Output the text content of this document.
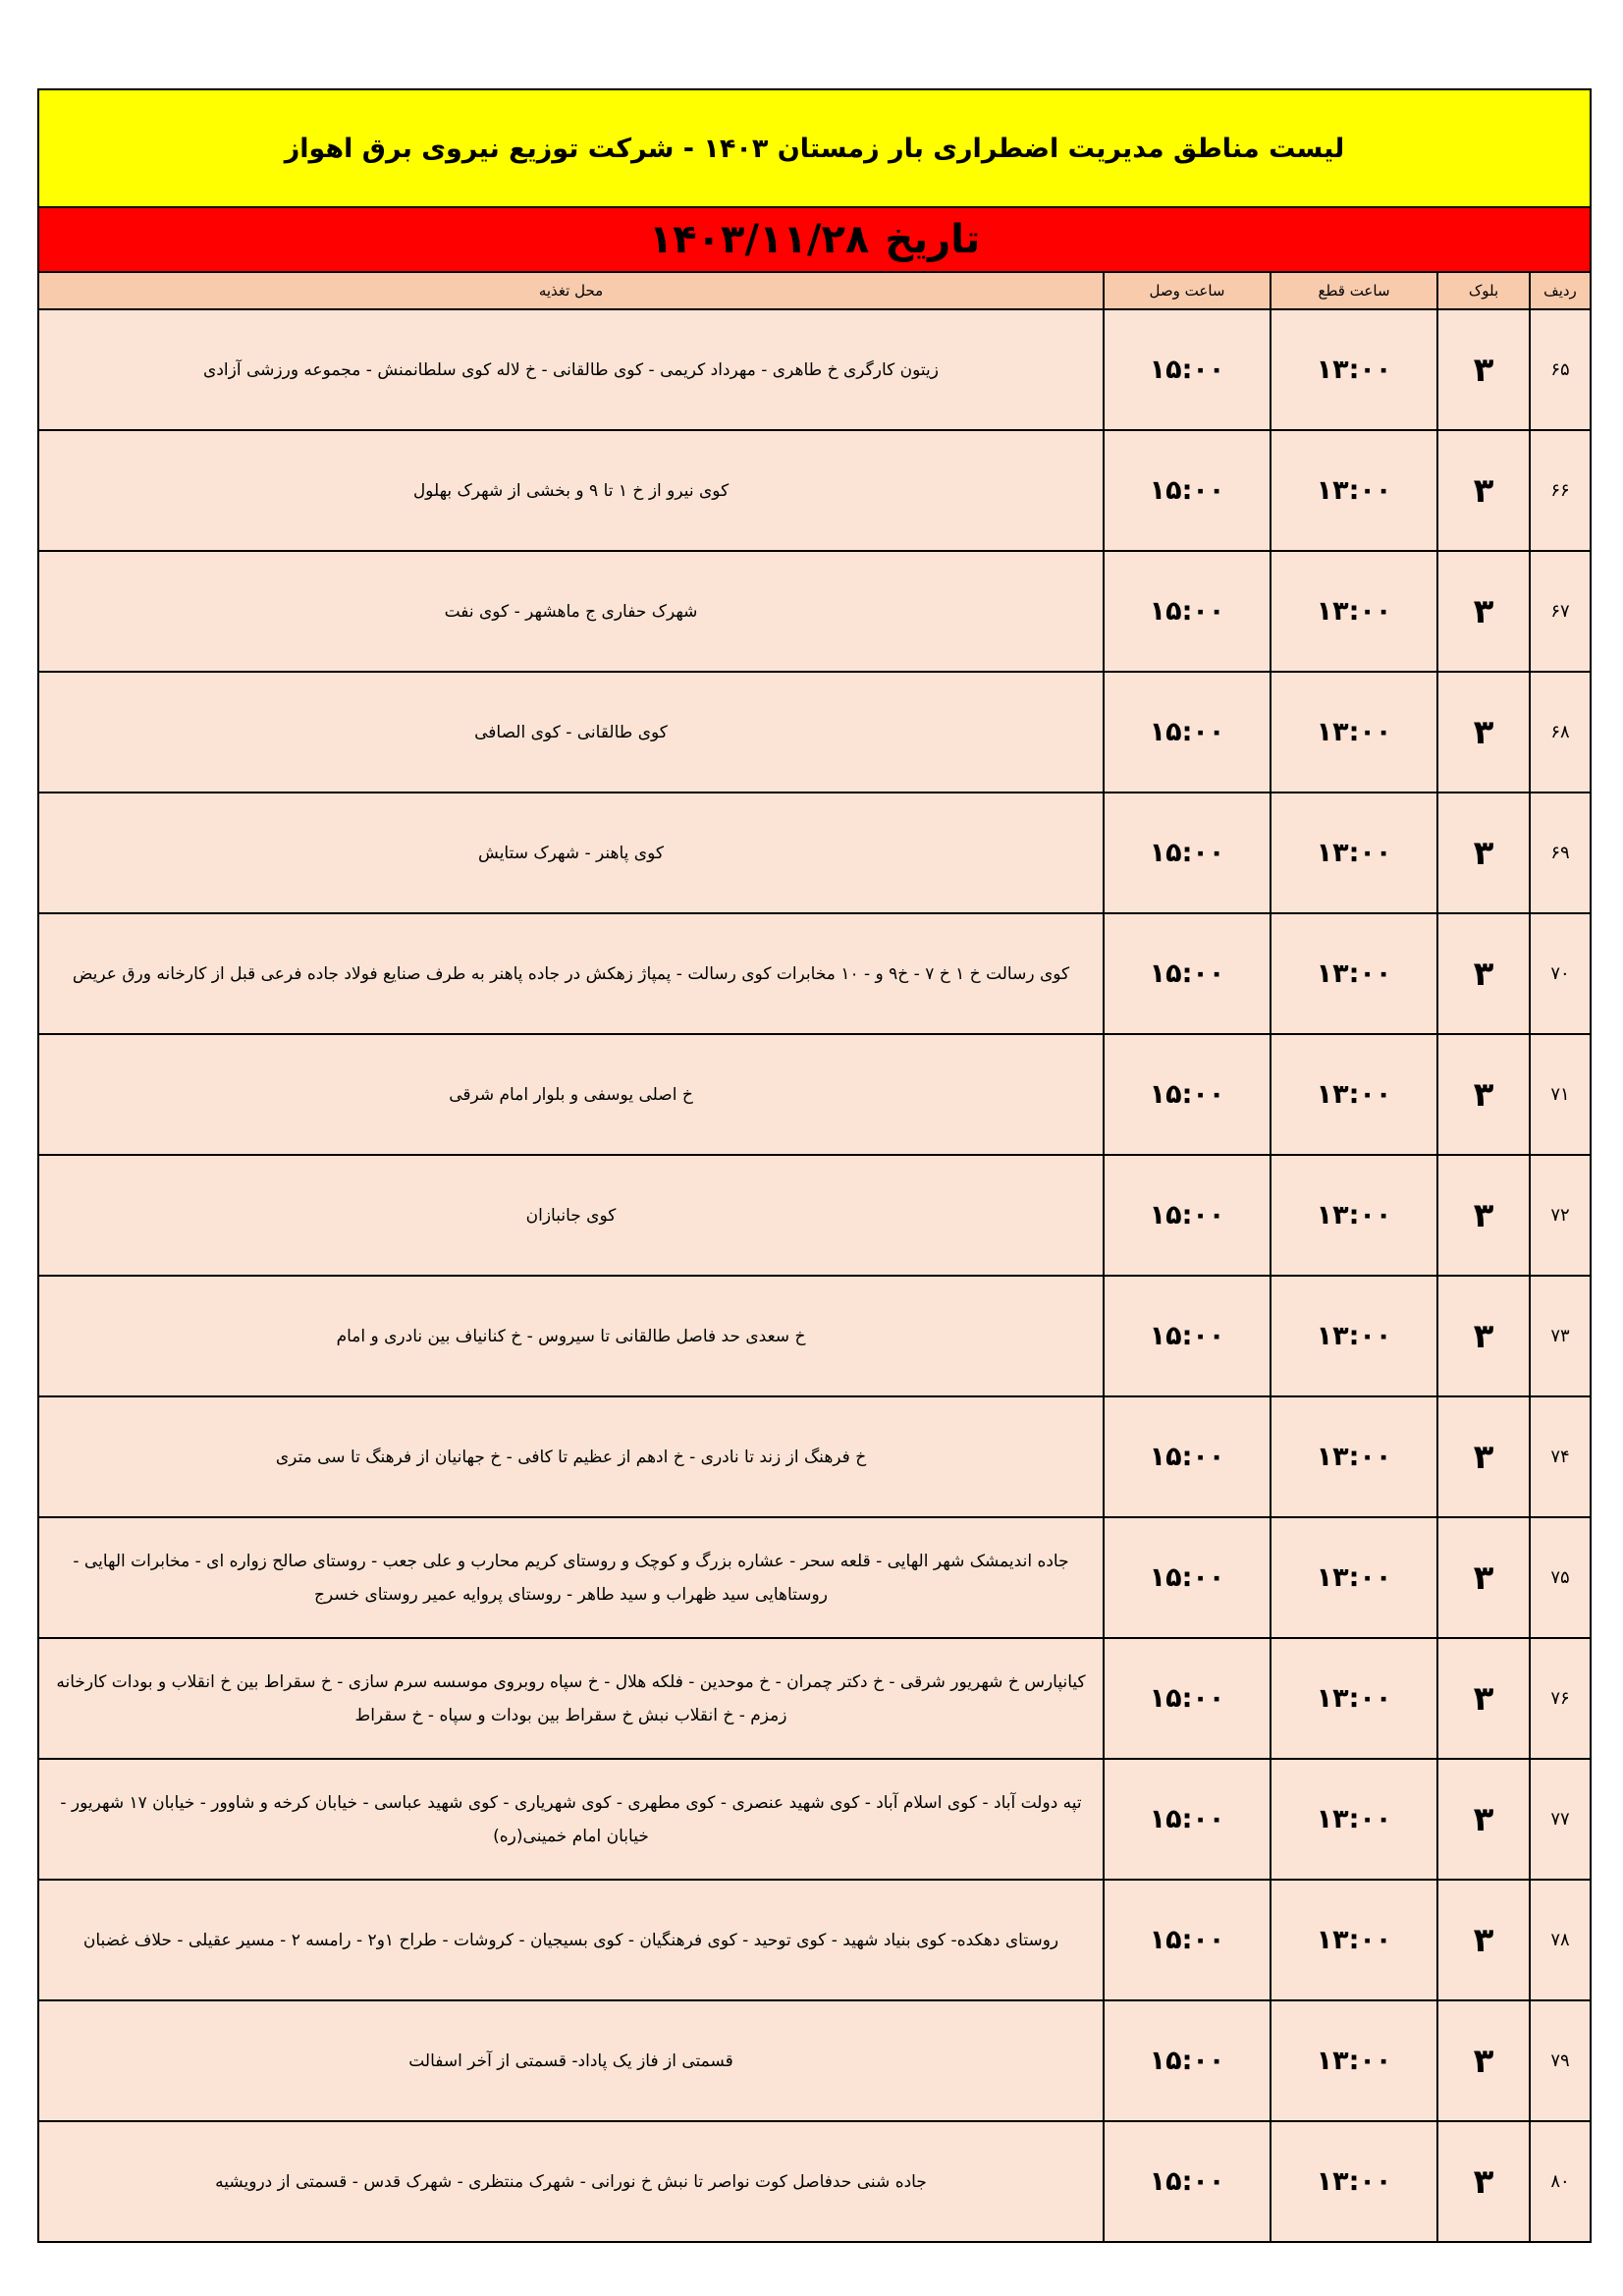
لیست مناطق مدیریت اضطراری بار زمستان ۱۴۰۳ - شرکت توزیع نیروی برق اهواز
تاریخ
۱۴۰۳/۱۱/۲۸
ردیف	بلوک	ساعت قطع	ساعت وصل	محل تغذیه
۶۵	۳	۱۳:۰۰	۱۵:۰۰	زیتون کارگری خ طاهری - مهرداد کریمی - کوی طالقانی - خ لاله کوی سلطانمنش - مجموعه ورزشی آزادی
۶۶	۳	۱۳:۰۰	۱۵:۰۰	کوی نیرو از خ ۱ تا ۹ و بخشی از شهرک بهلول
۶۷	۳	۱۳:۰۰	۱۵:۰۰	شهرک حفاری ج ماهشهر - کوی نفت
۶۸	۳	۱۳:۰۰	۱۵:۰۰	کوی طالقانی - کوی الصافی
۶۹	۳	۱۳:۰۰	۱۵:۰۰	کوی پاهنر - شهرک ستایش
۷۰	۳	۱۳:۰۰	۱۵:۰۰	کوی رسالت خ ۱ خ ۷ - خ۹ و - ۱۰ مخابرات کوی رسالت - پمپاژ زهکش در جاده پاهنر به طرف صنایع فولاد جاده فرعی قبل از کارخانه ورق عریض
۷۱	۳	۱۳:۰۰	۱۵:۰۰	خ اصلی یوسفی و بلوار امام شرقی
۷۲	۳	۱۳:۰۰	۱۵:۰۰	کوی جانبازان
۷۳	۳	۱۳:۰۰	۱۵:۰۰	خ سعدی حد فاصل طالقانی تا سیروس - خ کنانیاف بین نادری و امام
۷۴	۳	۱۳:۰۰	۱۵:۰۰	خ فرهنگ از زند تا نادری - خ ادهم از عظیم تا کافی - خ جهانیان از فرهنگ تا سی متری
۷۵	۳	۱۳:۰۰	۱۵:۰۰	جاده اندیمشک شهر الهایی - قلعه سحر - عشاره بزرگ و کوچک و روستای کریم محارب و علی جعب - روستای صالح زواره ای - مخابرات الهایی - روستاهایی سید ظهراب و سید طاهر - روستای پروایه عمیر روستای خسرج
۷۶	۳	۱۳:۰۰	۱۵:۰۰	کیانپارس خ شهریور شرقی - خ دکتر چمران - خ موحدین - فلکه هلال - خ سپاه روبروی موسسه سرم سازی - خ سقراط بین خ انقلاب و بودات کارخانه زمزم - خ انقلاب نبش خ سقراط بین بودات و سپاه - خ سقراط
۷۷	۳	۱۳:۰۰	۱۵:۰۰	تپه دولت آباد - کوی اسلام آباد - کوی شهید عنصری - کوی مطهری - کوی شهریاری - کوی شهید عباسی - خیابان کرخه و شاوور - خیابان ۱۷ شهریور - خیابان امام خمینی(ره)
۷۸	۳	۱۳:۰۰	۱۵:۰۰	روستای دهکده- کوی بنیاد شهید - کوی توحید - کوی فرهنگیان - کوی بسیجیان - کروشات - طراح ۱و۲ - رامسه ۲ - مسیر عقیلی - حلاف غضبان
۷۹	۳	۱۳:۰۰	۱۵:۰۰	قسمتی از فاز یک پاداد- قسمتی از آخر اسفالت
۸۰	۳	۱۳:۰۰	۱۵:۰۰	جاده شنی حدفاصل کوت نواصر تا نبش خ نورانی - شهرک منتظری - شهرک قدس - قسمتی از درویشیه
